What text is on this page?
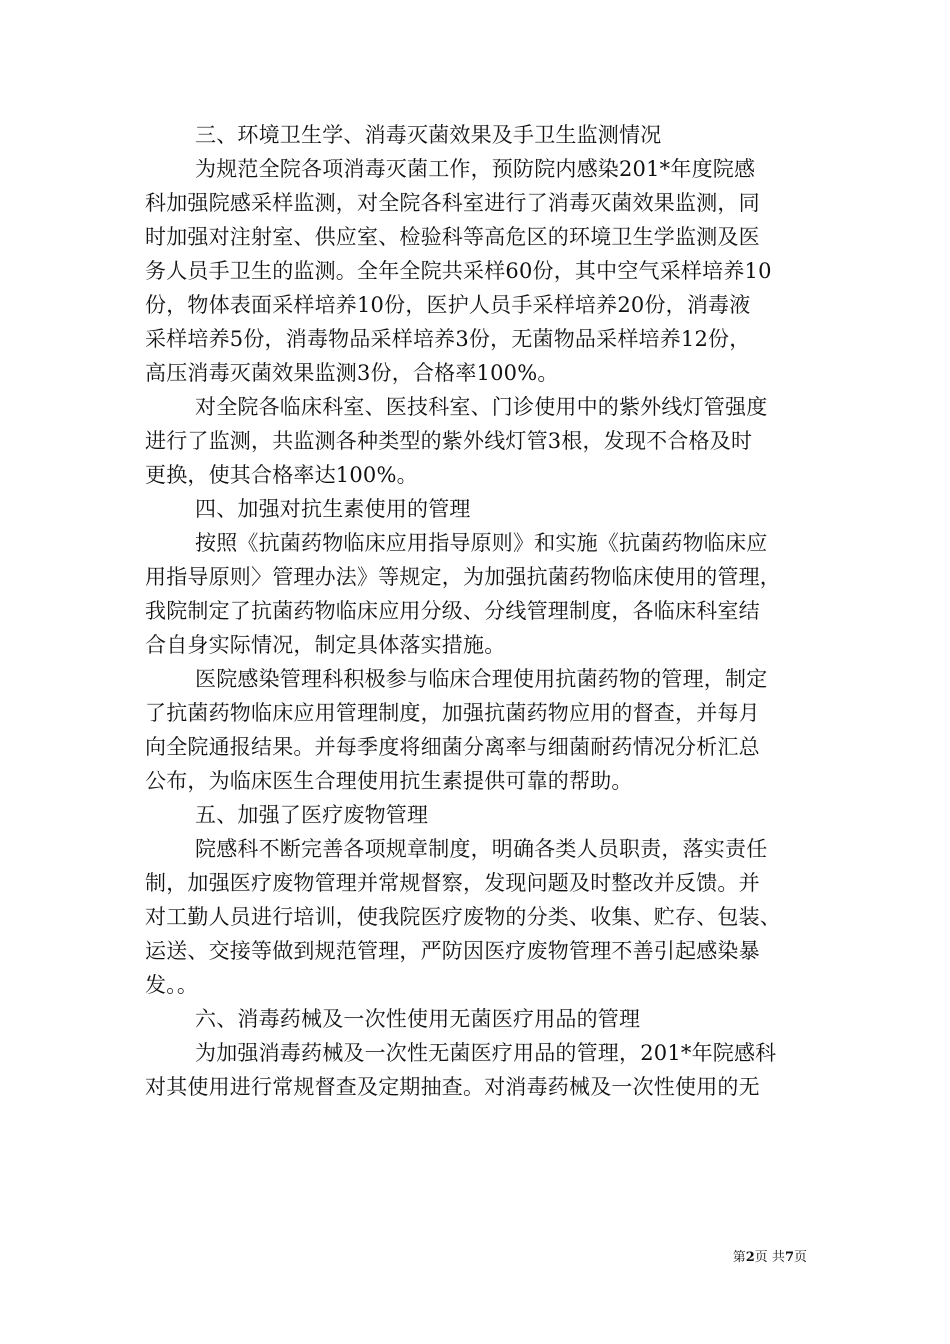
三、环境卫生学、消毒灭菌效果及手卫生监测情况
为规范全院各项消毒灭菌工作，预防院内感染201*年度院感
科加强院感采样监测，对全院各科室进行了消毒灭菌效果监测，同
时加强对注射室、供应室、检验科等高危区的环境卫生学监测及医
务人员手卫生的监测。全年全院共采样60份，其中空气采样培养10
份，物体表面采样培养10份，医护人员手采样培养20份，消毒液
采样培养5份，消毒物品采样培养3份，无菌物品采样培养12份，
高压消毒灭菌效果监测3份，合格率100%。
对全院各临床科室、医技科室、门诊使用中的紫外线灯管强度
进行了监测，共监测各种类型的紫外线灯管3根，发现不合格及时
更换，使其合格率达100%。
四、加强对抗生素使用的管理
按照《抗菌药物临床应用指导原则》和实施《抗菌药物临床应
用指导原则〉管理办法》等规定，为加强抗菌药物临床使用的管理，
我院制定了抗菌药物临床应用分级、分线管理制度，各临床科室结
合自身实际情况，制定具体落实措施。
医院感染管理科积极参与临床合理使用抗菌药物的管理，制定
了抗菌药物临床应用管理制度，加强抗菌药物应用的督查，并每月
向全院通报结果。并每季度将细菌分离率与细菌耐药情况分析汇总
公布，为临床医生合理使用抗生素提供可靠的帮助。
五、加强了医疗废物管理
院感科不断完善各项规章制度，明确各类人员职责，落实责任
制，加强医疗废物管理并常规督察，发现问题及时整改并反馈。并
对工勤人员进行培训，使我院医疗废物的分类、收集、贮存、包装、
运送、交接等做到规范管理，严防因医疗废物管理不善引起感染暴
发。。
六、消毒药械及一次性使用无菌医疗用品的管理
为加强消毒药械及一次性无菌医疗用品的管理，201*年院感科
对其使用进行常规督查及定期抽查。对消毒药械及一次性使用的无
第2页 共7页
